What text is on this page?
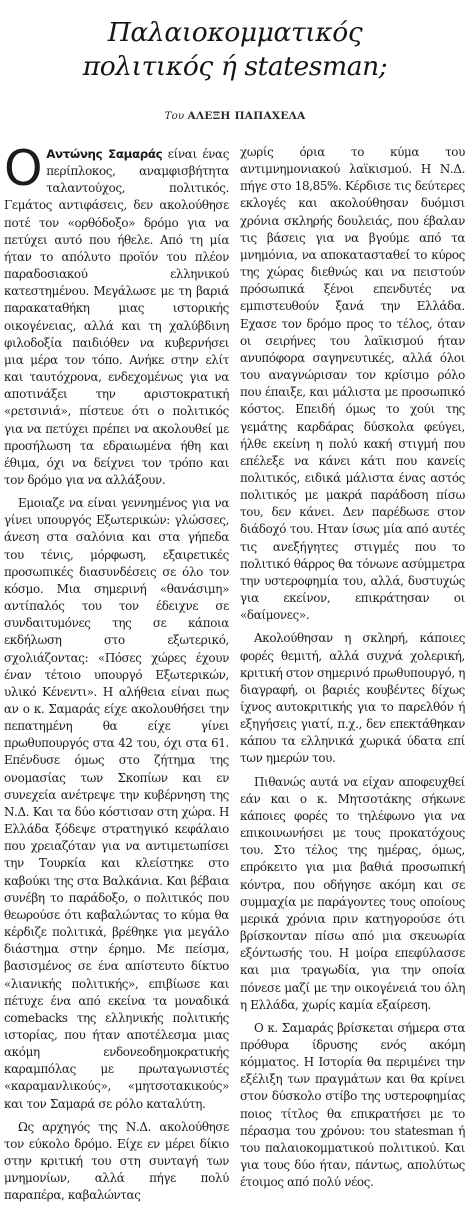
Παλαιοκομματικός
πολιτικός ή statesman;
Του ΑΛΕΞΗ ΠΑΠΑΧΕΛΑ

Ο Αντώνης Σαμαράς είναι ένας περίπλοκος, αναμφισβήτητα ταλαντούχος, πολιτικός. Γεμάτος αντιφάσεις, δεν ακολούθησε ποτέ τον «ορθόδοξο» δρόμο για να πετύχει αυτό που ήθελε. Από τη μία ήταν το απόλυτο προϊόν του πλέον παραδοσιακού ελληνικού κατεστημένου. Μεγάλωσε με τη βαριά παρακαταθήκη μιας ιστορικής οικογένειας, αλλά και τη χαλύβδινη φιλοδοξία παιδιόθεν να κυβερνήσει μια μέρα τον τόπο. Ανήκε στην ελίτ και ταυτόχρονα, ενδεχομένως για να αποτινάξει την αριστοκρατική «ρετσινιά», πίστευε ότι ο πολιτικός για να πετύχει πρέπει να ακολουθεί με προσήλωση τα εδραιωμένα ήθη και έθιμα, όχι να δείχνει τον τρόπο και τον δρόμο για να αλλάξουν.

Εμοιαζε να είναι γεννημένος για να γίνει υπουργός Εξωτερικών: γλώσσες, άνεση στα σαλόνια και στα γήπεδα του τένις, μόρφωση, εξαιρετικές προσωπικές διασυνδέσεις σε όλο τον κόσμο. Μια σημερινή «θανάσιμη» αντίπαλός του τον έδειχνε σε συνδαιτυμόνες της σε κάποια εκδήλωση στο εξωτερικό, σχολιάζοντας: «Πόσες χώρες έχουν έναν τέτοιο υπουργό Εξωτερικών, υλικό Κένεντι». Η αλήθεια είναι πως αν ο κ. Σαμαράς είχε ακολουθήσει την πεπατημένη θα είχε γίνει πρωθυπουργός στα 42 του, όχι στα 61. Επένδυσε όμως στο ζήτημα της ονομασίας των Σκοπίων και εν συνεχεία ανέτρεψε την κυβέρνηση της Ν.Δ. Και τα δύο κόστισαν στη χώρα. Η Ελλάδα ξόδεψε στρατηγικό κεφάλαιο που χρειαζόταν για να αντιμετωπίσει την Τουρκία και κλείστηκε στο καβούκι της στα Βαλκάνια. Και βέβαια συνέβη το παράδοξο, ο πολιτικός που θεωρούσε ότι καβαλώντας το κύμα θα κέρδιζε πολιτικά, βρέθηκε για μεγάλο διάστημα στην έρημο. Με πείσμα, βασισμένος σε ένα απίστευτο δίκτυο «λιανικής πολιτικής», επιβίωσε και πέτυχε ένα από εκείνα τα μοναδικά comebacks της ελληνικής πολιτικής ιστορίας, που ήταν αποτέλεσμα μιας ακόμη ενδονεοδημοκρατικής καραμπόλας με πρωταγωνιστές «καραμανλικούς», «μητσοτακικούς» και τον Σαμαρά σε ρόλο καταλύτη.

Ως αρχηγός της Ν.Δ. ακολούθησε τον εύκολο δρόμο. Είχε εν μέρει δίκιο στην κριτική του στη συνταγή των μνημονίων, αλλά πήγε πολύ παραπέρα, καβαλώντας

χωρίς όρια το κύμα του αντιμνημονιακού λαϊκισμού. Η Ν.Δ. πήγε στο 18,85%. Κέρδισε τις δεύτερες εκλογές και ακολούθησαν δυόμισι χρόνια σκληρής δουλειάς, που έβαλαν τις βάσεις για να βγούμε από τα μνημόνια, να αποκατασταθεί το κύρος της χώρας διεθνώς και να πειστούν πρόσωπικά ξένοι επενδυτές να εμπιστευθούν ξανά την Ελλάδα. Εχασε τον δρόμο προς το τέλος, όταν οι σειρήνες του λαϊκισμού ήταν ανυπόφορα σαγηνευτικές, αλλά όλοι του αναγνώρισαν τον κρίσιμο ρόλο που έπαιξε, και μάλιστα με προσωπικό κόστος. Επειδή όμως το χούι της γεμάτης καρδάρας δύσκολα φεύγει, ήλθε εκείνη η πολύ κακή στιγμή που επέλεξε να κάνει κάτι που κανείς πολιτικός, ειδικά μάλιστα ένας αστός πολιτικός με μακρά παράδοση πίσω του, δεν κάνει. Δεν παρέδωσε στον διάδοχό του. Ηταν ίσως μία από αυτές τις ανεξήγητες στιγμές που το πολιτικό θάρρος θα τόνωνε ασύμμετρα την υστεροφημία του, αλλά, δυστυχώς για εκείνον, επικράτησαν οι «δαίμονες».

Ακολούθησαν η σκληρή, κάποιες φορές θεμιτή, αλλά συχνά χολερική, κριτική στον σημερινό πρωθυπουργό, η διαγραφή, οι βαριές κουβέντες δίχως ίχνος αυτοκριτικής για το παρελθόν ή εξηγήσεις γιατί, π.χ., δεν επεκτάθηκαν κάπου τα ελληνικά χωρικά ύδατα επί των ημερών του.

Πιθανώς αυτά να είχαν αποφευχθεί εάν και ο κ. Μητσοτάκης σήκωνε κάποιες φορές το τηλέφωνο για να επικοινωνήσει με τους προκατόχους του. Στο τέλος της ημέρας, όμως, επρόκειτο για μια βαθιά προσωπική κόντρα, που οδήγησε ακόμη και σε συμμαχία με παράγοντες τους οποίους μερικά χρόνια πριν κατηγορούσε ότι βρίσκονταν πίσω από μια σκευωρία εξόντωσής του. Η μοίρα επεφύλασσε και μια τραγωδία, για την οποία πόνεσε μαζί με την οικογένειά του όλη η Ελλάδα, χωρίς καμία εξαίρεση.

Ο κ. Σαμαράς βρίσκεται σήμερα στα πρόθυρα ίδρυσης ενός ακόμη κόμματος. Η Ιστορία θα περιμένει την εξέλιξη των πραγμάτων και θα κρίνει στον δύσκολο στίβο της υστεροφημίας ποιος τίτλος θα επικρατήσει με το πέρασμα του χρόνου: του statesman ή του παλαιοκομματικού πολιτικού. Και για τους δύο ήταν, πάντως, απολύτως έτοιμος από πολύ νέος.
